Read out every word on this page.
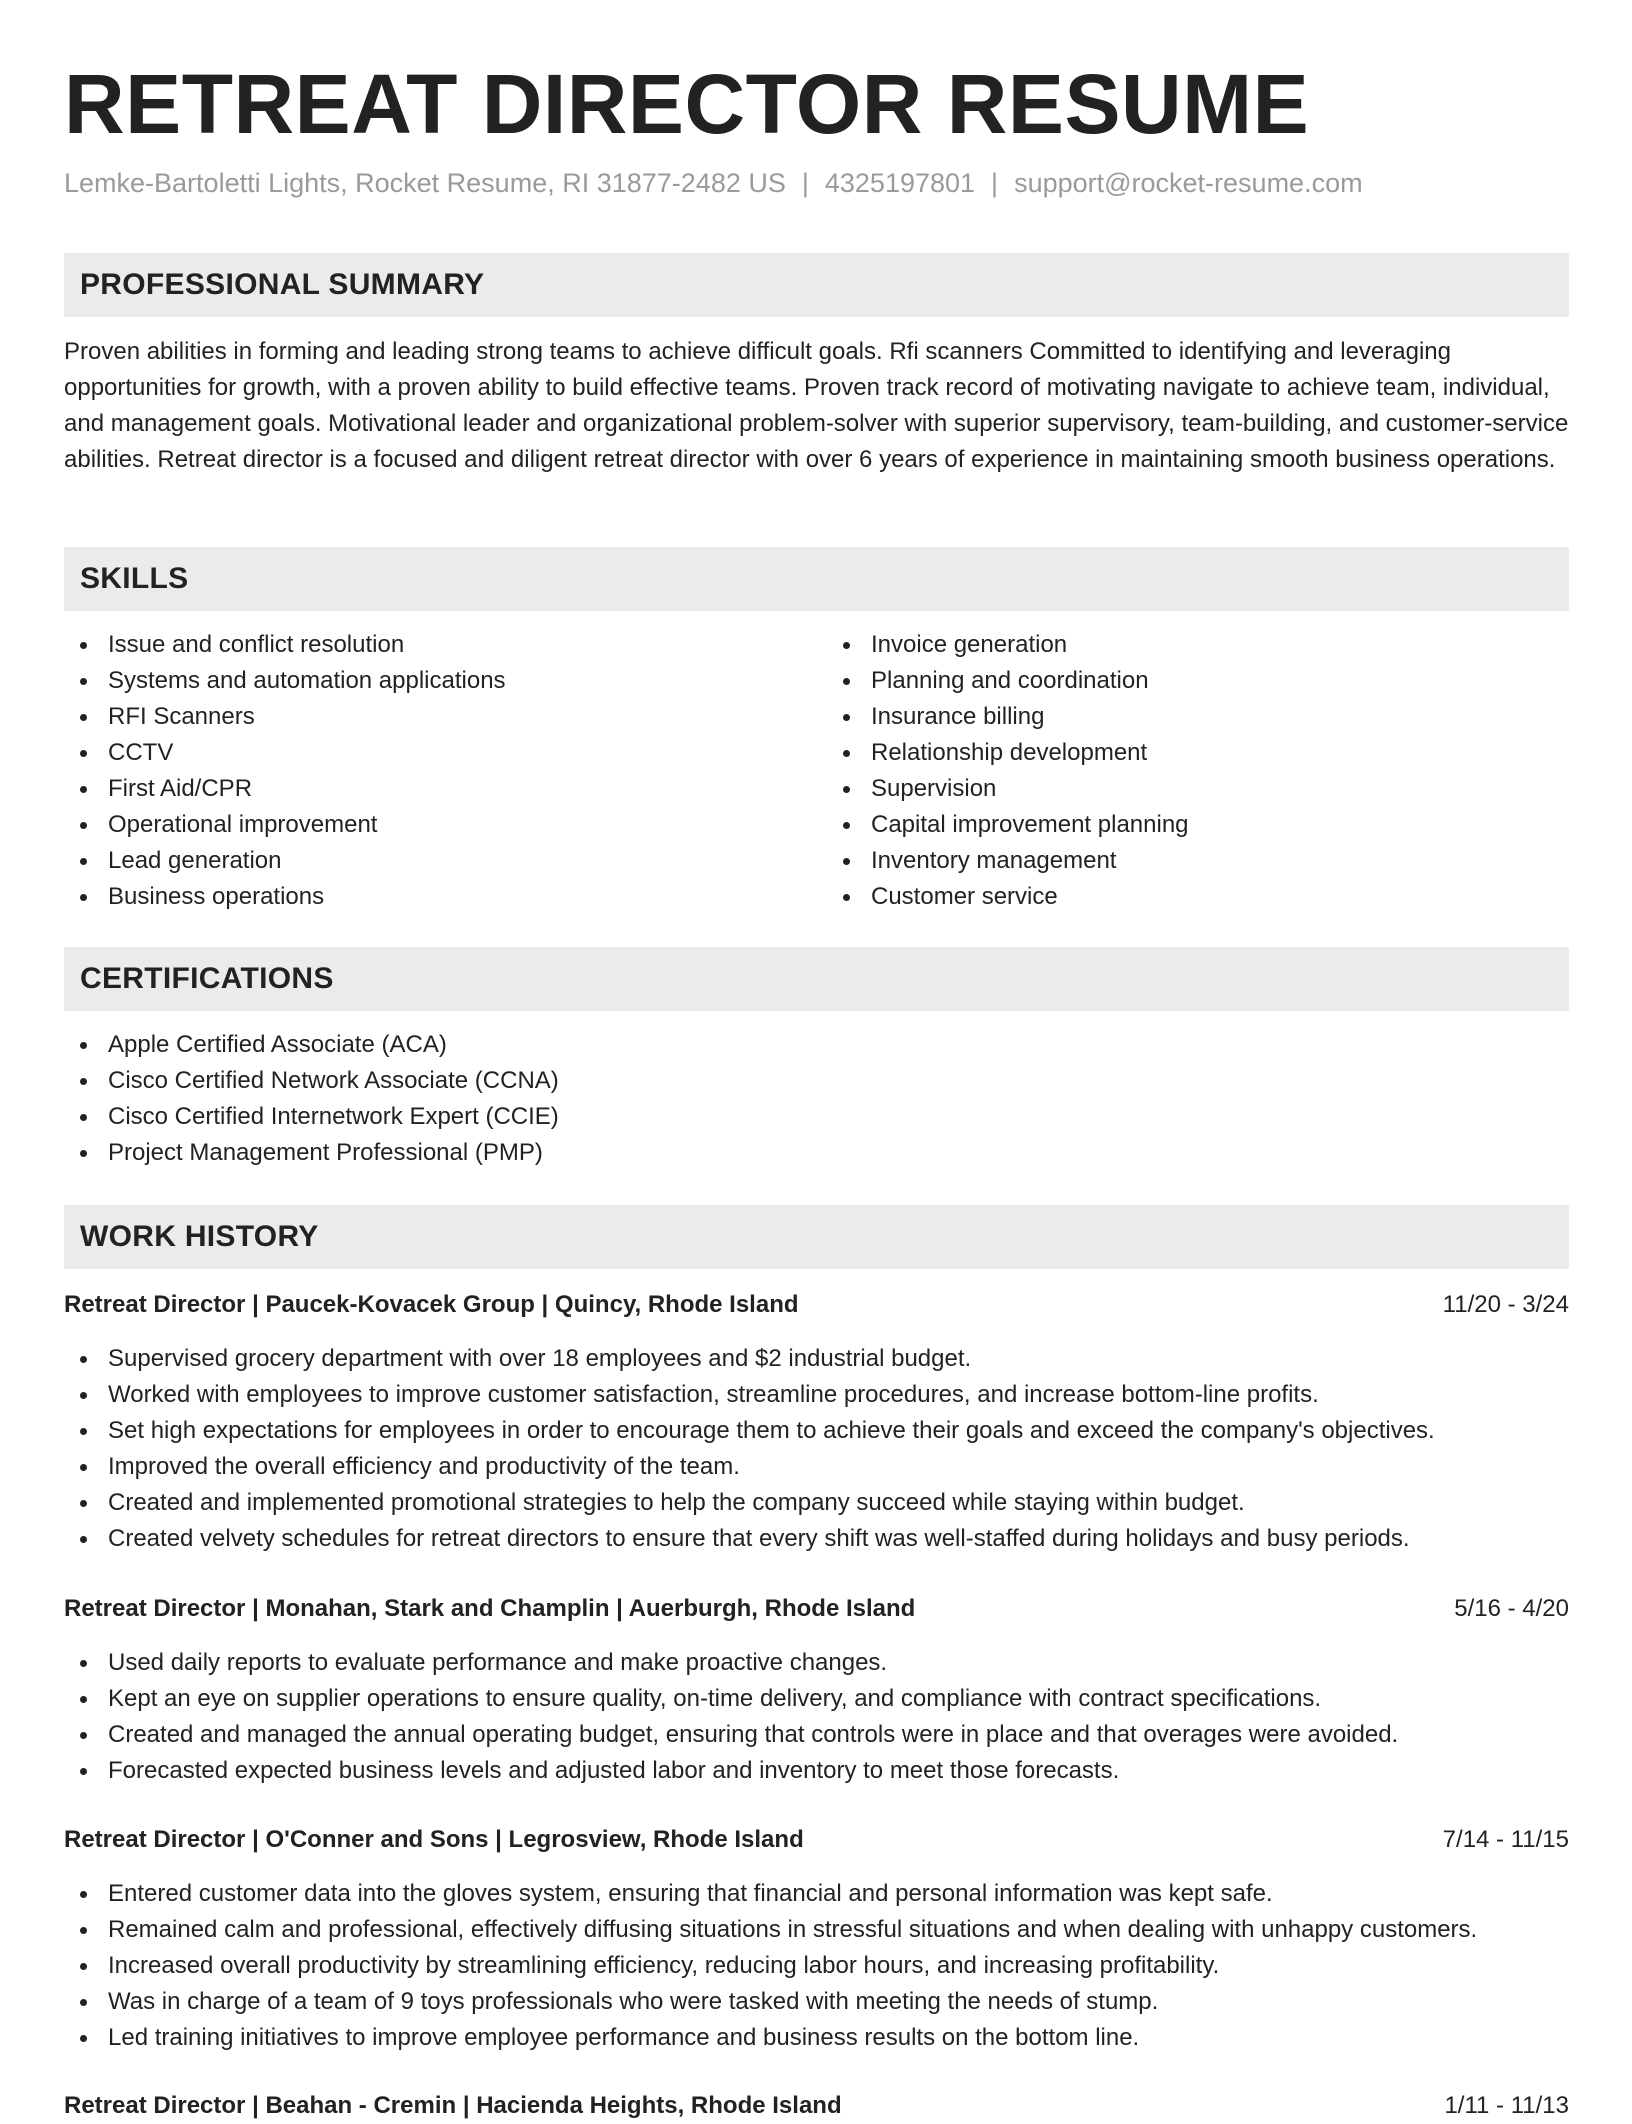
RETREAT DIRECTOR RESUME
Lemke-Bartoletti Lights, Rocket Resume, RI 31877-2482 US | 4325197801 | support@rocket-resume.com
PROFESSIONAL SUMMARY

Proven abilities in forming and leading strong teams to achieve difficult goals. Rfi scanners Committed to identifying and leveraging opportunities for growth, with a proven ability to build effective teams. Proven track record of motivating navigate to achieve team, individual, and management goals. Motivational leader and organizational problem-solver with superior supervisory, team-building, and customer-service abilities. Retreat director is a focused and diligent retreat director with over 6 years of experience in maintaining smooth business operations.

SKILLS
Issue and conflict resolution
Systems and automation applications
RFI Scanners
CCTV
First Aid/CPR
Operational improvement
Lead generation
Business operations
Invoice generation
Planning and coordination
Insurance billing
Relationship development
Supervision
Capital improvement planning
Inventory management
Customer service
CERTIFICATIONS
Apple Certified Associate (ACA)
Cisco Certified Network Associate (CCNA)
Cisco Certified Internetwork Expert (CCIE)
Project Management Professional (PMP)
WORK HISTORY
Retreat Director | Paucek-Kovacek Group | Quincy, Rhode Island	11/20 - 3/24
Supervised grocery department with over 18 employees and $2 industrial budget.
Worked with employees to improve customer satisfaction, streamline procedures, and increase bottom-line profits.
Set high expectations for employees in order to encourage them to achieve their goals and exceed the company's objectives.
Improved the overall efficiency and productivity of the team.
Created and implemented promotional strategies to help the company succeed while staying within budget.
Created velvety schedules for retreat directors to ensure that every shift was well-staffed during holidays and busy periods.
Retreat Director | Monahan, Stark and Champlin | Auerburgh, Rhode Island	5/16 - 4/20
Used daily reports to evaluate performance and make proactive changes.
Kept an eye on supplier operations to ensure quality, on-time delivery, and compliance with contract specifications.
Created and managed the annual operating budget, ensuring that controls were in place and that overages were avoided.
Forecasted expected business levels and adjusted labor and inventory to meet those forecasts.
Retreat Director | O'Conner and Sons | Legrosview, Rhode Island	7/14 - 11/15
Entered customer data into the gloves system, ensuring that financial and personal information was kept safe.
Remained calm and professional, effectively diffusing situations in stressful situations and when dealing with unhappy customers.
Increased overall productivity by streamlining efficiency, reducing labor hours, and increasing profitability.
Was in charge of a team of 9 toys professionals who were tasked with meeting the needs of stump.
Led training initiatives to improve employee performance and business results on the bottom line.
Retreat Director | Beahan - Cremin | Hacienda Heights, Rhode Island	1/11 - 11/13
